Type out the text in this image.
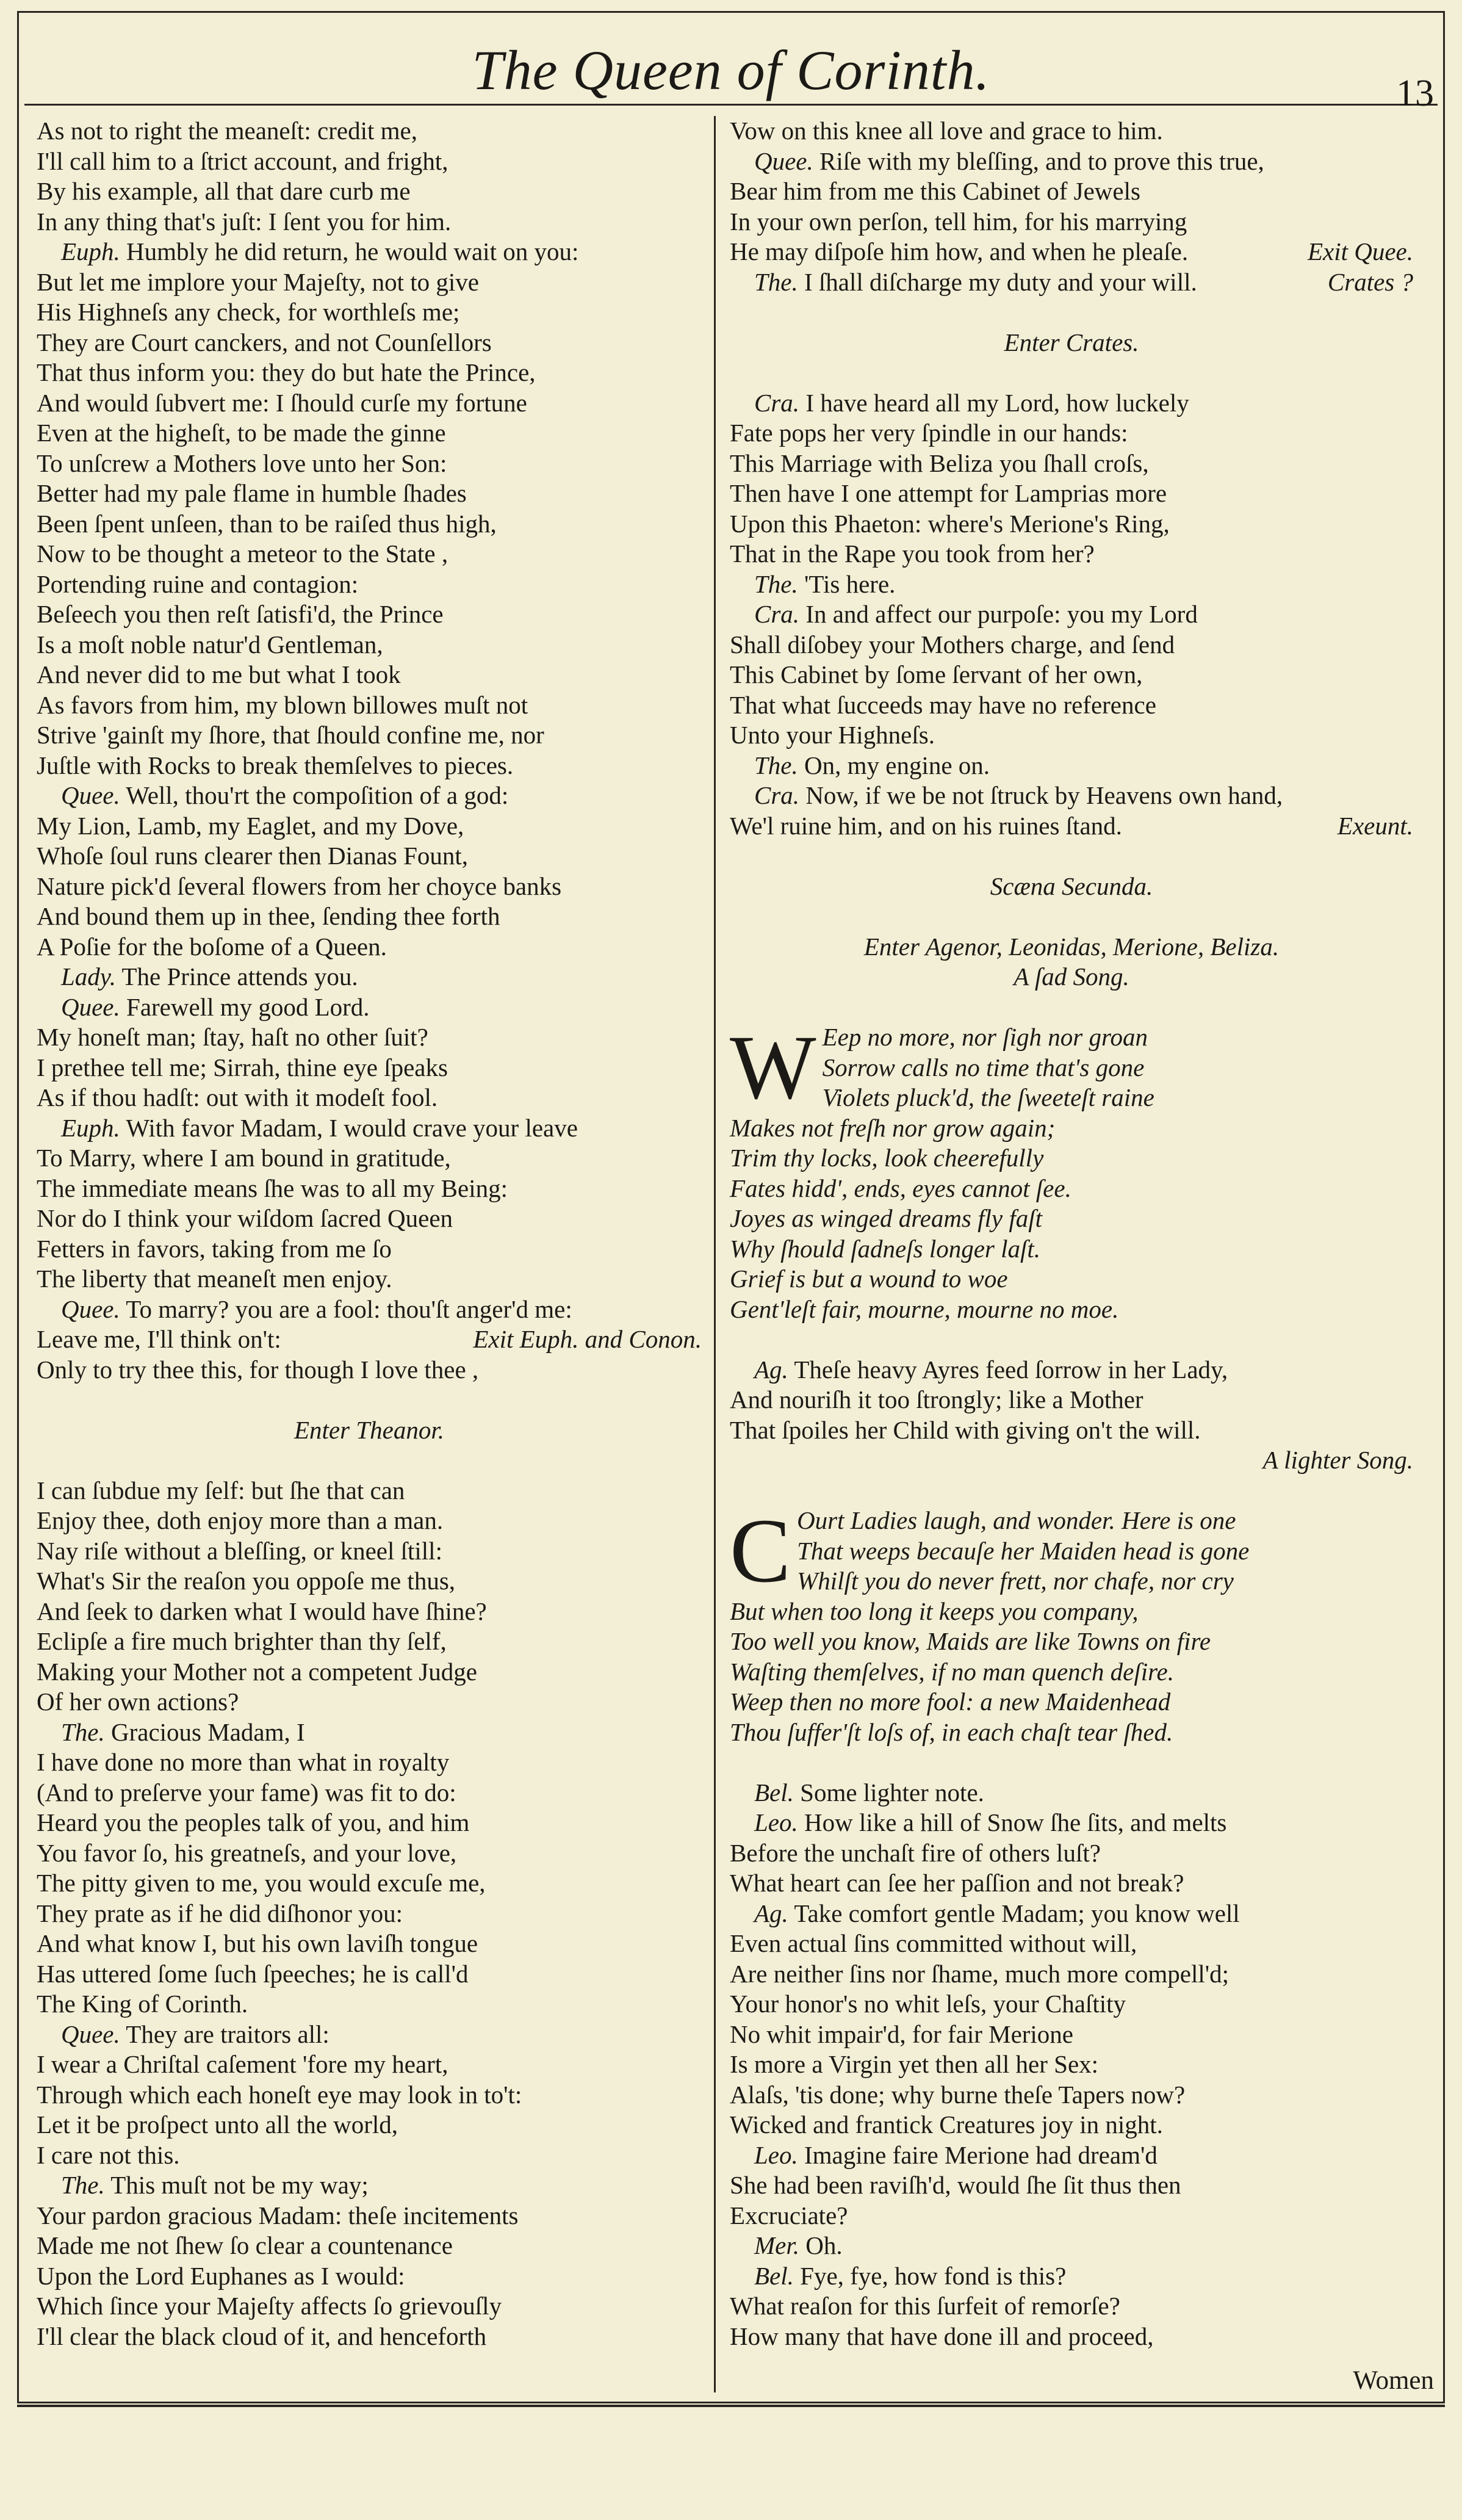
The Queen of Corinth.	13
As not to right the meaneſt: credit me,
I'll call him to a ſtrict account, and fright,
By his example, all that dare curb me
In any thing that's juſt: I ſent you for him.
Euph. Humbly he did return, he would wait on you:
But let me implore your Majeſty, not to give
His Highneſs any check, for worthleſs me;
They are Court canckers, and not Counſellors
That thus inform you: they do but hate the Prince,
And would ſubvert me: I ſhould curſe my fortune
Even at the higheſt, to be made the ginne
To unſcrew a Mothers love unto her Son:
Better had my pale flame in humble ſhades
Been ſpent unſeen, than to be raiſed thus high,
Now to be thought a meteor to the State ,
Portending ruine and contagion:
Beſeech you then reſt ſatisfi'd, the Prince
Is a moſt noble natur'd Gentleman,
And never did to me but what I took
As favors from him, my blown billowes muſt not
Strive 'gainſt my ſhore, that ſhould confine me, nor
Juſtle with Rocks to break themſelves to pieces.
Quee. Well, thou'rt the compoſition of a god:
My Lion, Lamb, my Eaglet, and my Dove,
Whoſe ſoul runs clearer then Dianas Fount,
Nature pick'd ſeveral flowers from her choyce banks
And bound them up in thee, ſending thee forth
A Poſie for the boſome of a Queen.
Lady. The Prince attends you.
Quee. Farewell my good Lord.
My honeſt man; ſtay, haſt no other ſuit?
I prethee tell me; Sirrah, thine eye ſpeaks
As if thou hadſt: out with it modeſt fool.
Euph. With favor Madam, I would crave your leave
To Marry, where I am bound in gratitude,
The immediate means ſhe was to all my Being:
Nor do I think your wiſdom ſacred Queen
Fetters in favors, taking from me ſo
The liberty that meaneſt men enjoy.
Quee. To marry? you are a fool: thou'ſt anger'd me:
Leave me, I'll think on't:	Exit Euph. and Conon.
Only to try thee this, for though I love thee ,
Enter Theanor.
I can ſubdue my ſelf: but ſhe that can
Enjoy thee, doth enjoy more than a man.
Nay riſe without a bleſſing, or kneel ſtill:
What's Sir the reaſon you oppoſe me thus,
And ſeek to darken what I would have ſhine?
Eclipſe a fire much brighter than thy ſelf,
Making your Mother not a competent Judge
Of her own actions?
The. Gracious Madam, I
I have done no more than what in royalty
(And to preſerve your fame) was fit to do:
Heard you the peoples talk of you, and him
You favor ſo, his greatneſs, and your love,
The pitty given to me, you would excuſe me,
They prate as if he did diſhonor you:
And what know I, but his own laviſh tongue
Has uttered ſome ſuch ſpeeches; he is call'd
The King of Corinth.
Quee. They are traitors all:
I wear a Chriſtal caſement 'fore my heart,
Through which each honeſt eye may look in to't:
Let it be proſpect unto all the world,
I care not this.
The. This muſt not be my way;
Your pardon gracious Madam: theſe incitements
Made me not ſhew ſo clear a countenance
Upon the Lord Euphanes as I would:
Which ſince your Majeſty affects ſo grievouſly
I'll clear the black cloud of it, and henceforth
Vow on this knee all love and grace to him.
Quee. Riſe with my bleſſing, and to prove this true,
Bear him from me this Cabinet of Jewels
In your own perſon, tell him, for his marrying
He may diſpoſe him how, and when he pleaſe.	Exit Quee.
The. I ſhall diſcharge my duty and your will.	Crates ?
Enter Crates.
Cra. I have heard all my Lord, how luckely
Fate pops her very ſpindle in our hands:
This Marriage with Beliza you ſhall croſs,
Then have I one attempt for Lamprias more
Upon this Phaeton: where's Merione's Ring,
That in the Rape you took from her?
The. 'Tis here.
Cra. In and affect our purpoſe: you my Lord
Shall diſobey your Mothers charge, and ſend
This Cabinet by ſome ſervant of her own,
That what ſucceeds may have no reference
Unto your Highneſs.
The. On, my engine on.
Cra. Now, if we be not ſtruck by Heavens own hand,
We'l ruine him, and on his ruines ſtand.	Exeunt.
Scæna Secunda.
Enter Agenor, Leonidas, Merione, Beliza.
A ſad Song.
W Eep no more, nor ſigh nor groan
Sorrow calls no time that's gone
Violets pluck'd, the ſweeteſt raine
Makes not freſh nor grow again;
Trim thy locks, look cheerefully
Fates hidd', ends, eyes cannot ſee.
Joyes as winged dreams fly faſt
Why ſhould ſadneſs longer laſt.
Grief is but a wound to woe
Gent'leſt fair, mourne, mourne no moe.
Ag. Theſe heavy Ayres feed ſorrow in her Lady,
And nouriſh it too ſtrongly; like a Mother
That ſpoiles her Child with giving on't the will.
A lighter Song.
C Ourt Ladies laugh, and wonder. Here is one
That weeps becauſe her Maiden head is gone
Whilſt you do never frett, nor chafe, nor cry
But when too long it keeps you company,
Too well you know, Maids are like Towns on fire
Waſting themſelves, if no man quench deſire.
Weep then no more fool: a new Maidenhead
Thou ſuffer'ſt loſs of, in each chaſt tear ſhed.
Bel. Some lighter note.
Leo. How like a hill of Snow ſhe ſits, and melts
Before the unchaſt fire of others luſt?
What heart can ſee her paſſion and not break?
Ag. Take comfort gentle Madam; you know well
Even actual ſins committed without will,
Are neither ſins nor ſhame, much more compell'd;
Your honor's no whit leſs, your Chaſtity
No whit impair'd, for fair Merione
Is more a Virgin yet then all her Sex:
Alaſs, 'tis done; why burne theſe Tapers now?
Wicked and frantick Creatures joy in night.
Leo. Imagine faire Merione had dream'd
She had been raviſh'd, would ſhe ſit thus then
Excruciate?
Mer. Oh.
Bel. Fye, fye, how fond is this?
What reaſon for this ſurfeit of remorſe?
How many that have done ill and proceed,
Women
